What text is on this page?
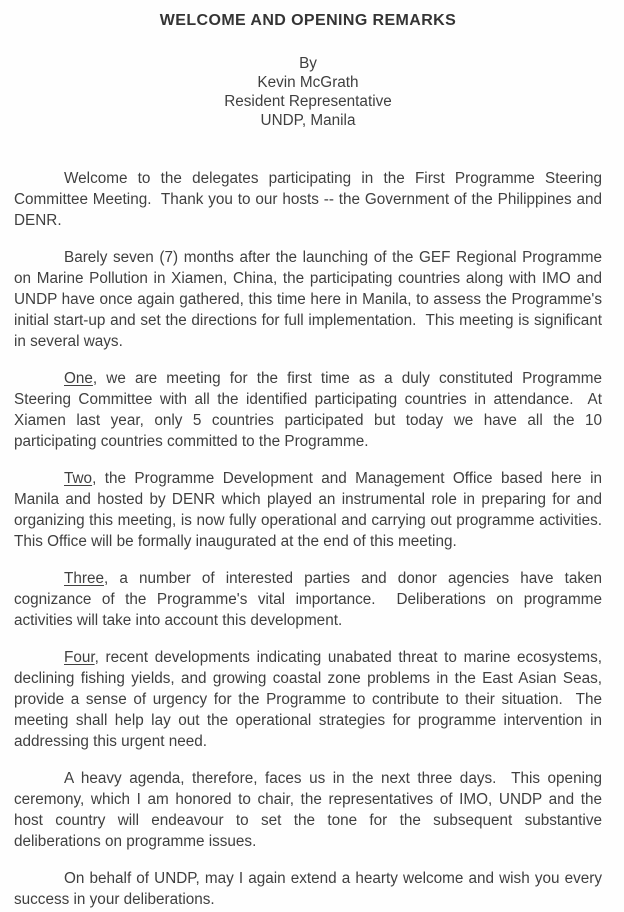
WELCOME AND OPENING REMARKS
By
Kevin McGrath
Resident Representative
UNDP, Manila

Welcome to the delegates participating in the First Programme Steering Committee Meeting.  Thank you to our hosts -- the Government of the Philippines and DENR.

Barely seven (7) months after the launching of the GEF Regional Programme on Marine Pollution in Xiamen, China, the participating countries along with IMO and UNDP have once again gathered, this time here in Manila, to assess the Programme's initial start-up and set the directions for full implementation.  This meeting is significant in several ways.

One, we are meeting for the first time as a duly constituted Programme Steering Committee with all the identified participating countries in attendance.  At Xiamen last year, only 5 countries participated but today we have all the 10 participating countries committed to the Programme.

Two, the Programme Development and Management Office based here in Manila and hosted by DENR which played an instrumental role in preparing for and organizing this meeting, is now fully operational and carrying out programme activities.  This Office will be formally inaugurated at the end of this meeting.

Three, a number of interested parties and donor agencies have taken cognizance of the Programme's vital importance.  Deliberations on programme activities will take into account this development.

Four, recent developments indicating unabated threat to marine ecosystems, declining fishing yields, and growing coastal zone problems in the East Asian Seas, provide a sense of urgency for the Programme to contribute to their situation.  The meeting shall help lay out the operational strategies for programme intervention in addressing this urgent need.

A heavy agenda, therefore, faces us in the next three days.  This opening ceremony, which I am honored to chair, the representatives of IMO, UNDP and the host country will endeavour to set the tone for the subsequent substantive deliberations on programme issues.

On behalf of UNDP, may I again extend a hearty welcome and wish you every success in your deliberations.
